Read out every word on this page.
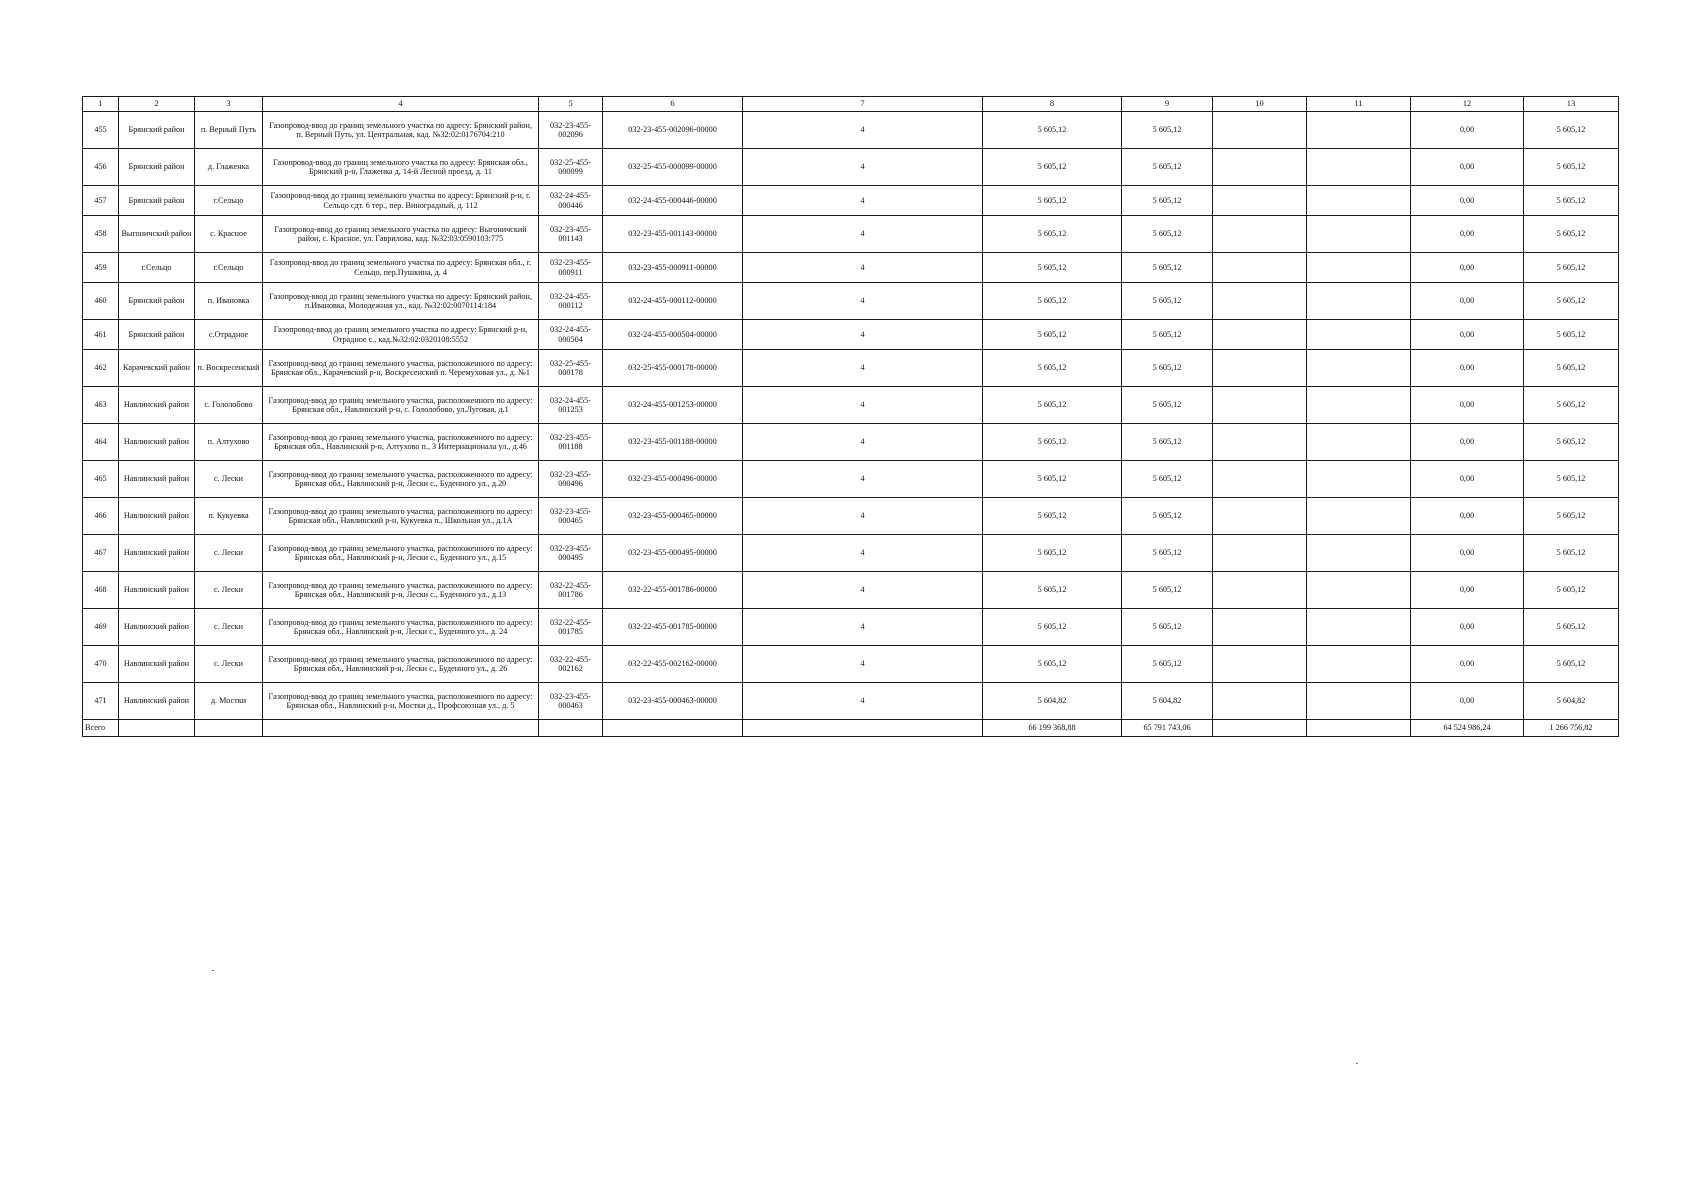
1	2	3	4	5	6	7	8	9	10	11	12	13
455	Брянский район	п. Верный Путь	Газопровод-ввод до границ земельного участка по адресу: Брянский район, п. Верный Путь, ул. Центральная, кад. №32:02:0176704:210	032-23-455-002096	032-23-455-002096-00000	4	5 605,12	5 605,12			0,00	5 605,12
456	Брянский район	д. Глаженка	Газопровод-ввод до границ земельного участка по адресу: Брянская обл., Брянский р-н, Глаженка д, 14-й Лесной проезд, д. 11	032-25-455-000099	032-25-455-000099-00000	4	5 605,12	5 605,12			0,00	5 605,12
457	Брянский район	г.Сельцо	Газопровод-ввод до границ земельного участка по адресу: Брянский р-н, г. Сельцо сдт. 6 тер., пер. Виноградный, д. 112	032-24-455-000446	032-24-455-000446-00000	4	5 605,12	5 605,12			0,00	5 605,12
458	Выгоничский район	с. Красное	Газопровод-ввод до границ земельного участка по адресу: Выгоничский район, с. Красное, ул. Гаврилова, кад. №32:03:0590103:775	032-23-455-001143	032-23-455-001143-00000	4	5 605,12	5 605,12			0,00	5 605,12
459	г.Сельцо	г.Сельцо	Газопровод-ввод до границ земельного участка по адресу: Брянская обл., г. Сельцо, пер.Пушкина, д. 4	032-23-455-000911	032-23-455-000911-00000	4	5 605,12	5 605,12			0,00	5 605,12
460	Брянский район	п. Ивановка	Газопровод-ввод до границ земельного участка по адресу: Брянский район, п.Ивановка, Молодежная ул., кад. №32:02:0070114:184	032-24-455-000112	032-24-455-000112-00000	4	5 605,12	5 605,12			0,00	5 605,12
461	Брянский район	с.Отрадное	Газопровод-ввод до границ земельного участка по адресу: Брянский р-н, Отрадное с., кад.№32:02:0320108:5552	032-24-455-000504	032-24-455-000504-00000	4	5 605,12	5 605,12			0,00	5 605,12
462	Карачевский район	п. Воскресенский	Газопровод-ввод до границ земельного участка, расположенного по адресу: Брянская обл., Карачевский р-н, Воскресенский п. Черемуховая ул., д. №1	032-25-455-000178	032-25-455-000178-00000	4	5 605,12	5 605,12			0,00	5 605,12
463	Навлинский район	с. Гололобово	Газопровод-ввод до границ земельного участка, расположенного по адресу: Брянская обл., Навлинский р-н, с. Гололобово, ул.Луговая, д.1	032-24-455-001253	032-24-455-001253-00000	4	5 605,12	5 605,12			0,00	5 605,12
464	Навлинский район	п. Алтухово	Газопровод-ввод до границ земельного участка, расположенного по адресу: Брянская обл., Навлинский р-н, Алтухово п., 3 Интернационала ул., д.46	032-23-455-001188	032-23-455-001188-00000	4	5 605,12	5 605,12			0,00	5 605,12
465	Навлинский район	с. Лески	Газопровод-ввод до границ земельного участка, расположенного по адресу: Брянская обл., Навлинский р-н, Лески с., Буденного ул., д.20	032-23-455-000496	032-23-455-000496-00000	4	5 605,12	5 605,12			0,00	5 605,12
466	Навлинский район	п. Кукуевка	Газопровод-ввод до границ земельного участка, расположенного по адресу: Брянская обл., Навлинский р-н, Кукуевка п., Школьная ул., д.1А	032-23-455-000465	032-23-455-000465-00000	4	5 605,12	5 605,12			0,00	5 605,12
467	Навлинский район	с. Лески	Газопровод-ввод до границ земельного участка, расположенного по адресу: Брянская обл., Навлинский р-н, Лески с., Буденного ул., д.15	032-23-455-000495	032-23-455-000495-00000	4	5 605,12	5 605,12			0,00	5 605,12
468	Навлинский район	с. Лески	Газопровод-ввод до границ земельного участка, расположенного по адресу: Брянская обл., Навлинский р-н, Лески с., Буденного ул., д.13	032-22-455-001786	032-22-455-001786-00000	4	5 605,12	5 605,12			0,00	5 605,12
469	Навлинский район	с. Лески	Газопровод-ввод до границ земельного участка, расположенного по адресу: Брянская обл., Навлинский р-н, Лески с., Буденного ул., д. 24	032-22-455-001785	032-22-455-001785-00000	4	5 605,12	5 605,12			0,00	5 605,12
470	Навлинский район	с. Лески	Газопровод-ввод до границ земельного участка, расположенного по адресу: Брянская обл., Навлинский р-н, Лески с., Буденного ул., д. 26	032-22-455-002162	032-22-455-002162-00000	4	5 605,12	5 605,12			0,00	5 605,12
471	Навлинский район	д. Мостки	Газопровод-ввод до границ земельного участка, расположенного по адресу: Брянская обл., Навлинский р-н, Мостки д., Профсоюзная ул., д. 5	032-23-455-000463	032-23-455-000463-00000	4	5 604,82	5 604,82			0,00	5 604,82
Всего							66 199 368,88	65 791 743,06			64 524 986,24	1 266 756,82
